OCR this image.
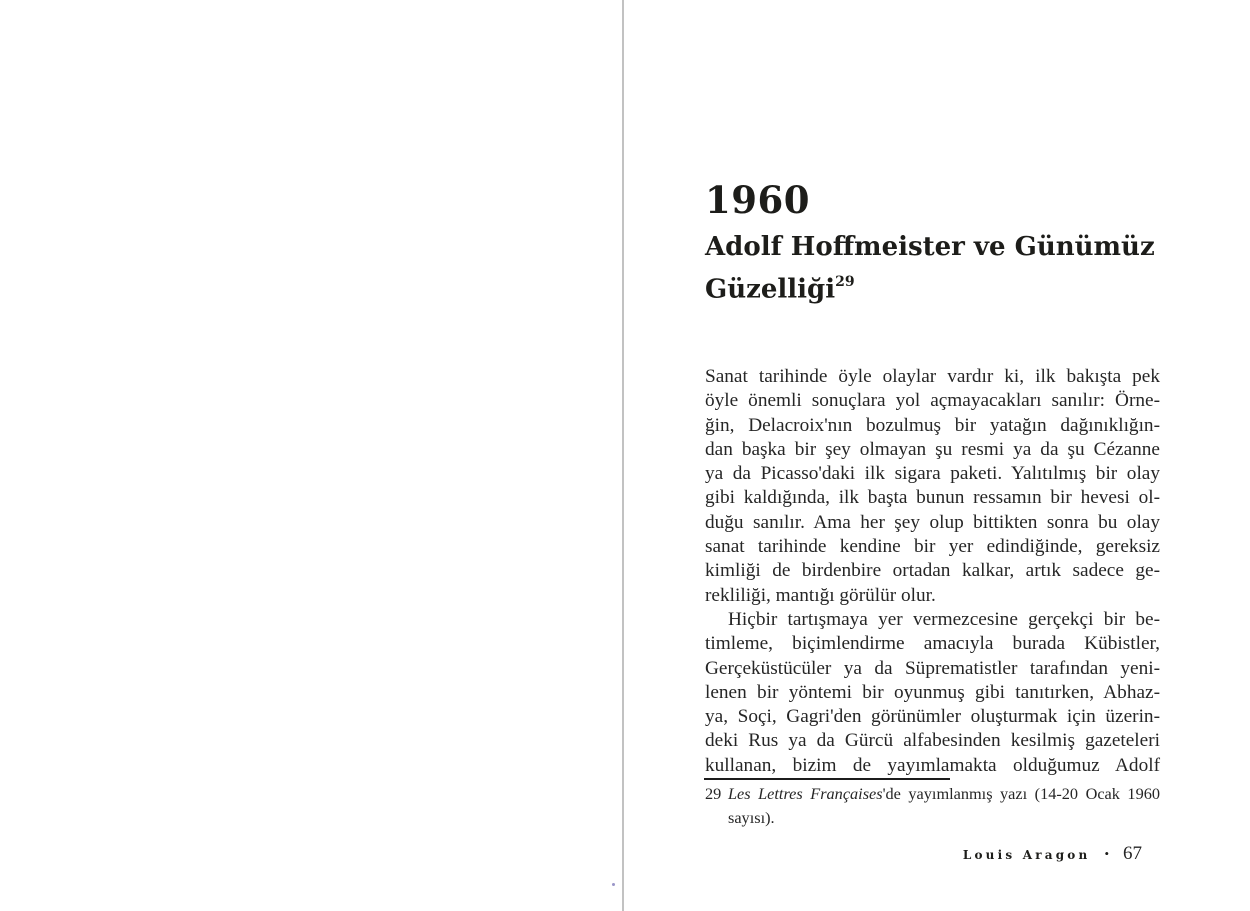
1960
Adolf Hoffmeister ve Günümüz
Güzelliği$^{29}$
Sanat tarihinde öyle olaylar vardır ki, ilk bakışta pek
öyle önemli sonuçlara yol açmayacakları sanılır: Örne-
ğin, Delacroix'nın bozulmuş bir yatağın dağınıklığın-
dan başka bir şey olmayan şu resmi ya da şu Cézanne
ya da Picasso'daki ilk sigara paketi. Yalıtılmış bir olay
gibi kaldığında, ilk başta bunun ressamın bir hevesi ol-
duğu sanılır. Ama her şey olup bittikten sonra bu olay
sanat tarihinde kendine bir yer edindiğinde, gereksiz
kimliği de birdenbire ortadan kalkar, artık sadece ge-
rekliliği, mantığı görülür olur.
Hiçbir tartışmaya yer vermezcesine gerçekçi bir be-
timleme, biçimlendirme amacıyla burada Kübistler,
Gerçeküstücüler ya da Süprematistler tarafından yeni-
lenen bir yöntemi bir oyunmuş gibi tanıtırken, Abhaz-
ya, Soçi, Gagri'den görünümler oluşturmak için üzerin-
deki Rus ya da Gürcü alfabesinden kesilmiş gazeteleri
kullanan, bizim de yayımlamakta olduğumuz Adolf
29 Les Lettres Françaises'de yayımlanmış yazı (14-20 Ocak 1960
sayısı).
Louis Aragon • 67
